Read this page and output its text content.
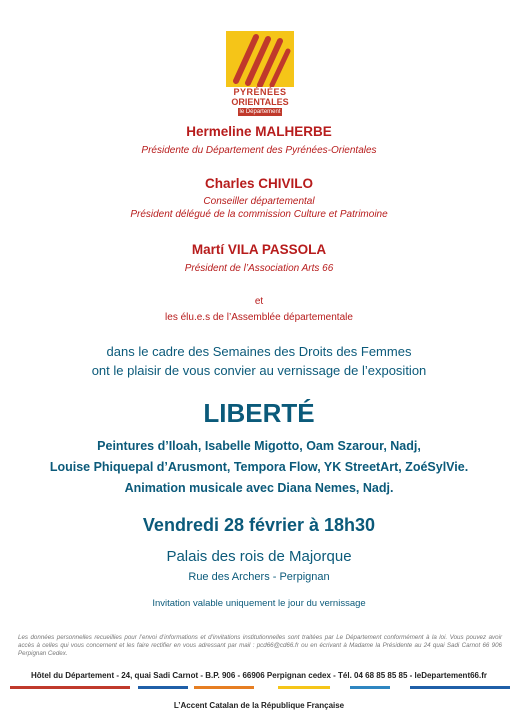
PYRÉNÉES
ORIENTALES
le Département
Hermeline MALHERBE
Présidente du Département des Pyrénées-Orientales
Charles CHIVILO
Conseiller départemental
Président délégué de la commission Culture et Patrimoine
Martí VILA PASSOLA
Président de l’Association Arts 66
et
les élu.e.s de l’Assemblée départementale
dans le cadre des Semaines des Droits des Femmes
ont le plaisir de vous convier au vernissage de l’exposition
LIBERTÉ
Peintures d’Iloah, Isabelle Migotto, Oam Szarour, Nadj,
Louise Phiquepal d’Arusmont, Tempora Flow, YK StreetArt, ZoéSylVie.
Animation musicale avec Diana Nemes, Nadj.
Vendredi 28 février à 18h30
Palais des rois de Majorque
Rue des Archers - Perpignan
Invitation valable uniquement le jour du vernissage
Les données personnelles recueillies pour l’envoi d’informations et d’invitations institutionnelles sont traitées par Le Département conformément à la loi. Vous pouvez avoir accès à celles qui vous concernent et les faire rectifier en vous adressant par mail : pcd66@cd66.fr ou en écrivant à Madame la Présidente au 24 quai Sadi Carnot 66 906 Perpignan Cedex.
Hôtel du Département - 24, quai Sadi Carnot - B.P. 906 - 66906 Perpignan cedex - Tél. 04 68 85 85 85 - leDepartement66.fr
L’Accent Catalan de la République Française
